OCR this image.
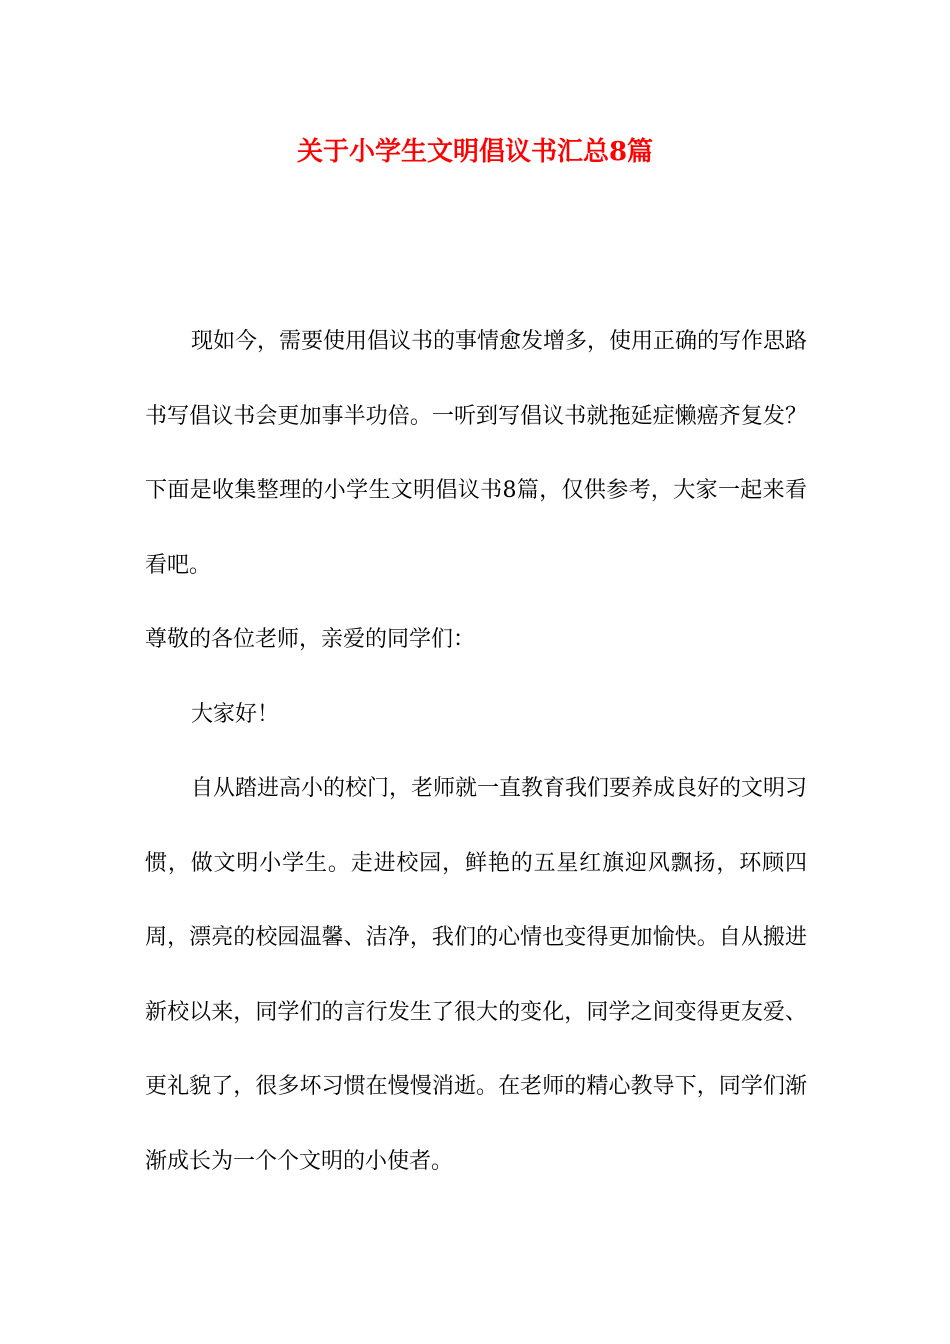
关于小学生文明倡议书汇总8篇

现如今，需要使用倡议书的事情愈发增多，使用正确的写作思路书写倡议书会更加事半功倍。一听到写倡议书就拖延症懒癌齐复发？下面是收集整理的小学生文明倡议书8篇，仅供参考，大家一起来看看吧。

尊敬的各位老师，亲爱的同学们：

大家好！

自从踏进高小的校门，老师就一直教育我们要养成良好的文明习惯，做文明小学生。走进校园，鲜艳的五星红旗迎风飘扬，环顾四周，漂亮的校园温馨、洁净，我们的心情也变得更加愉快。自从搬进新校以来，同学们的言行发生了很大的变化，同学之间变得更友爱、更礼貌了，很多坏习惯在慢慢消逝。在老师的精心教导下，同学们渐渐成长为一个个文明的小使者。
